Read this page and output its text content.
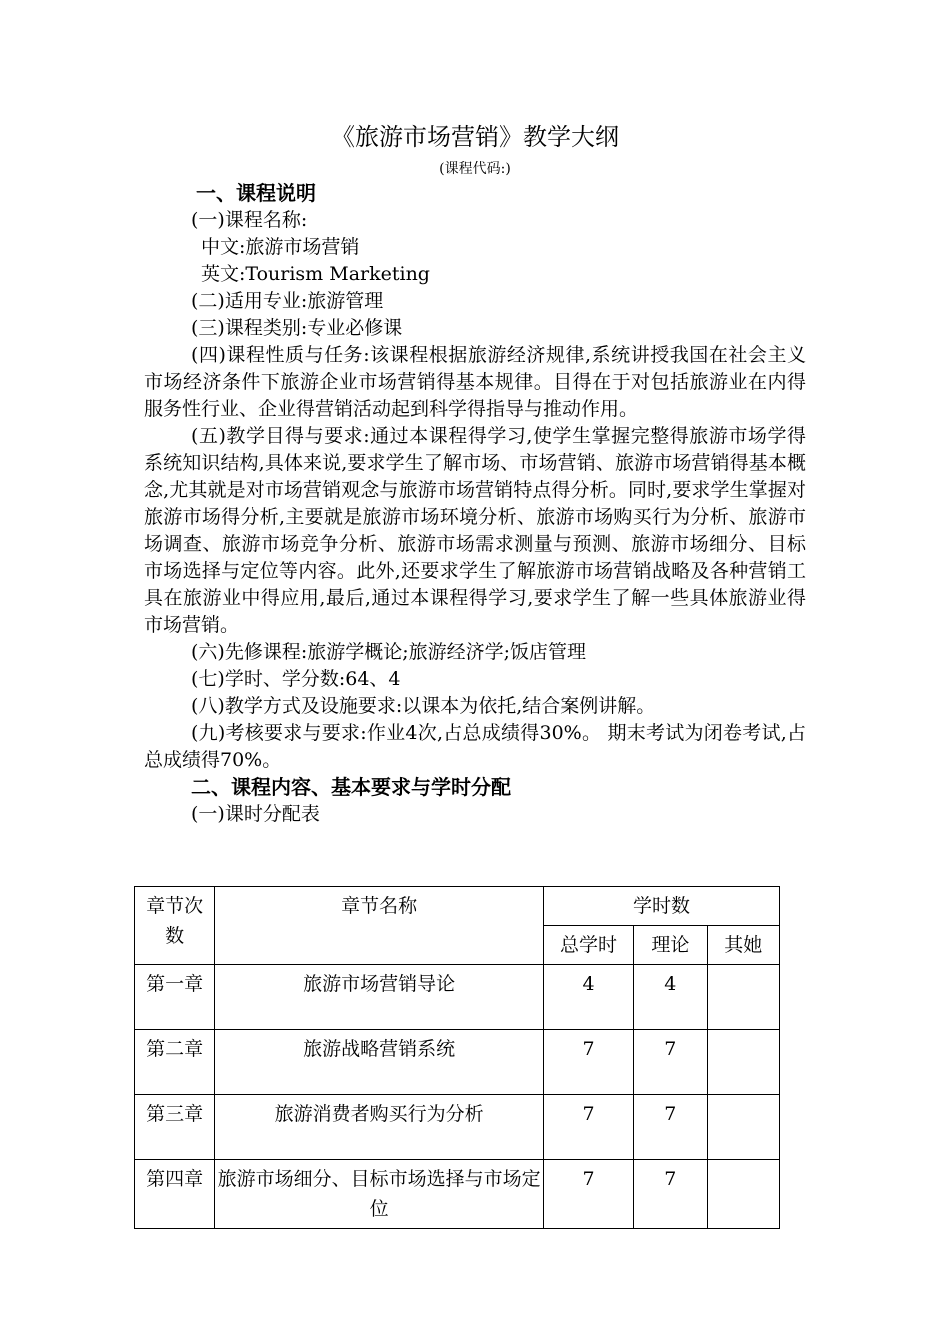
《旅游市场营销》教学大纲
(课程代码:)

一、课程说明

(一)课程名称:

中文:旅游市场营销

英文:Tourism Marketing

(二)适用专业:旅游管理

(三)课程类别:专业必修课

(四)课程性质与任务:该课程根据旅游经济规律,系统讲授我国在社会主义市场经济条件下旅游企业市场营销得基本规律。目得在于对包括旅游业在内得服务性行业、企业得营销活动起到科学得指导与推动作用。

(五)教学目得与要求:通过本课程得学习,使学生掌握完整得旅游市场学得系统知识结构,具体来说,要求学生了解市场、市场营销、旅游市场营销得基本概念,尤其就是对市场营销观念与旅游市场营销特点得分析。同时,要求学生掌握对旅游市场得分析,主要就是旅游市场环境分析、旅游市场购买行为分析、旅游市场调查、旅游市场竞争分析、旅游市场需求测量与预测、旅游市场细分、目标市场选择与定位等内容。此外,还要求学生了解旅游市场营销战略及各种营销工具在旅游业中得应用,最后,通过本课程得学习,要求学生了解一些具体旅游业得市场营销。

(六)先修课程:旅游学概论;旅游经济学;饭店管理

(七)学时、学分数:64、4

(八)教学方式及设施要求:以课本为依托,结合案例讲解。

(九)考核要求与要求:作业4次,占总成绩得30%。 期末考试为闭卷考试,占总成绩得70%。

二、课程内容、基本要求与学时分配

(一)课时分配表

章节次数	章节名称	学时数		
		总学时	理论	其她
第一章	旅游市场营销导论	4	4	
第二章	旅游战略营销系统	7	7	
第三章	旅游消费者购买行为分析	7	7	
第四章	旅游市场细分、目标市场选择与市场定位	7	7	
